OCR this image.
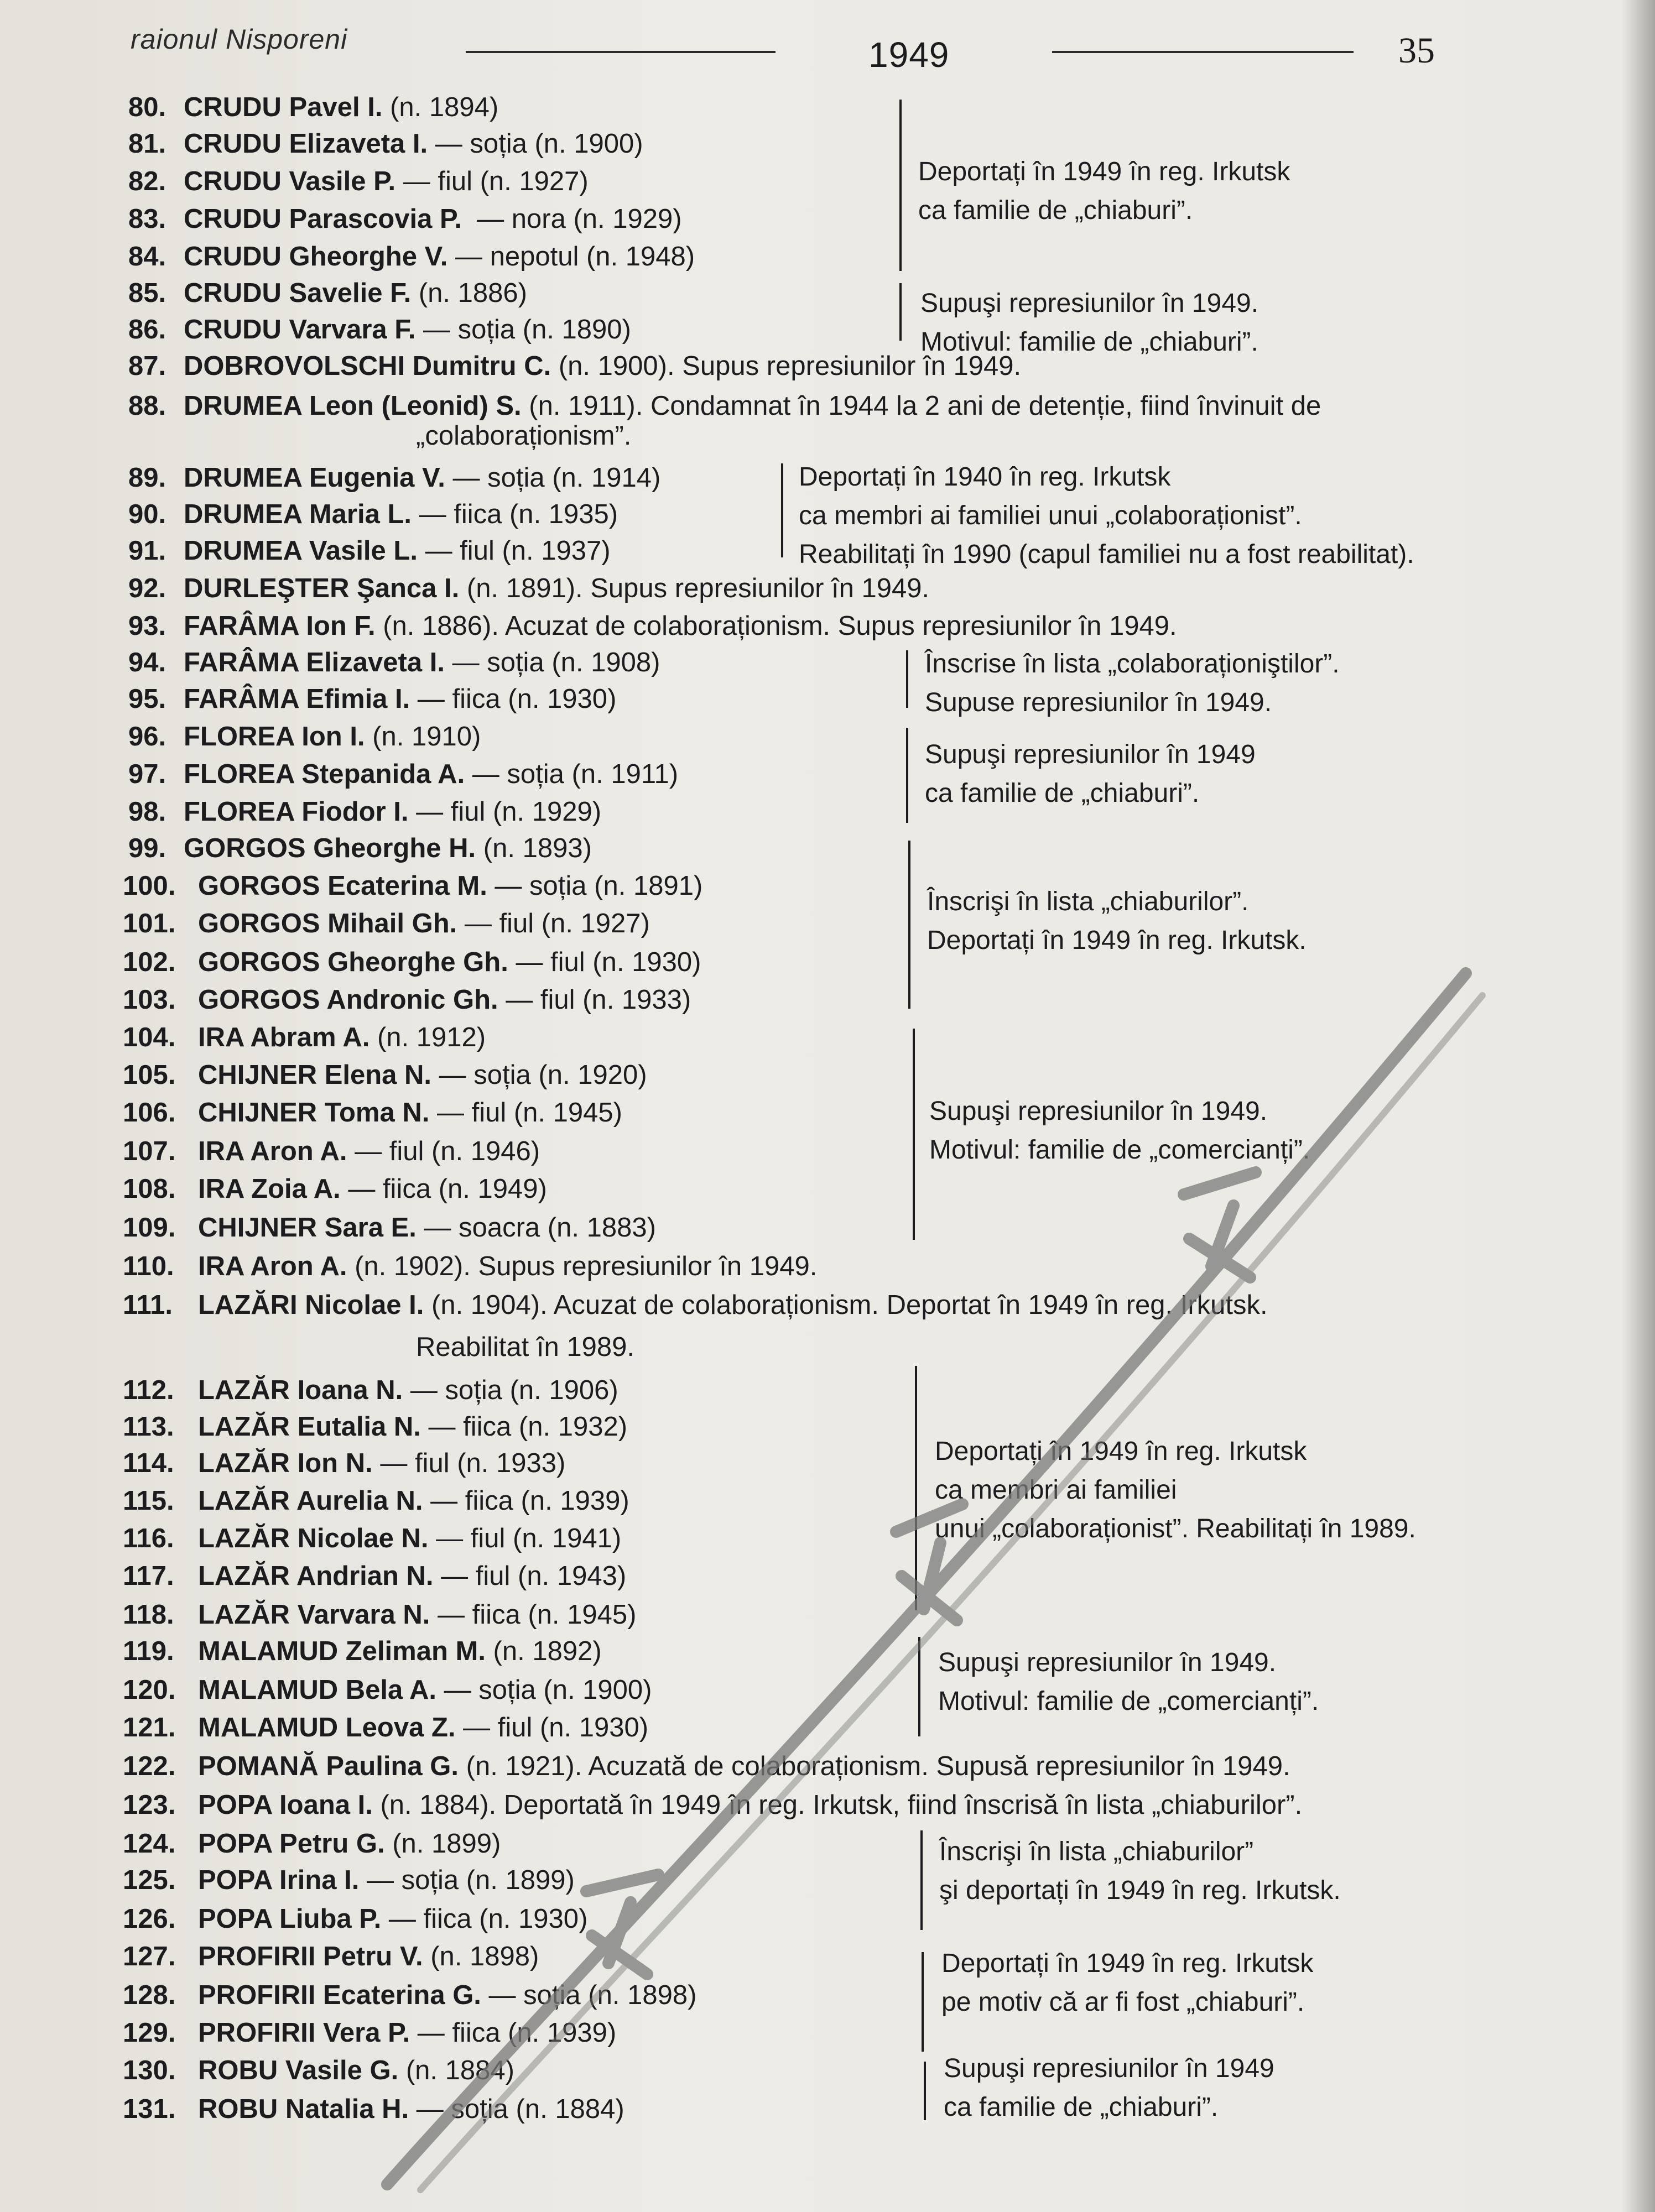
raionul Nisporeni	1949	35
80. CRUDU Pavel I. (n. 1894)
81. CRUDU Elizaveta I. — soția (n. 1900)
82. CRUDU Vasile P. — fiul (n. 1927)
83. CRUDU Parascovia P.  — nora (n. 1929)
84. CRUDU Gheorghe V. — nepotul (n. 1948)
85. CRUDU Savelie F. (n. 1886)
86. CRUDU Varvara F. — soția (n. 1890)
87. DOBROVOLSCHI Dumitru C. (n. 1900). Supus represiunilor în 1949.
88. DRUMEA Leon (Leonid) S. (n. 1911). Condamnat în 1944 la 2 ani de detenție, fiind învinuit de
89. DRUMEA Eugenia V. — soția (n. 1914)
90. DRUMEA Maria L. — fiica (n. 1935)
91. DRUMEA Vasile L. — fiul (n. 1937)
92. DURLEŞTER Şanca I. (n. 1891). Supus represiunilor în 1949.
93. FARÂMA Ion F. (n. 1886). Acuzat de colaboraționism. Supus represiunilor în 1949.
94. FARÂMA Elizaveta I. — soția (n. 1908)
95. FARÂMA Efimia I. — fiica (n. 1930)
96. FLOREA Ion I. (n. 1910)
97. FLOREA Stepanida A. — soția (n. 1911)
98. FLOREA Fiodor I. — fiul (n. 1929)
99. GORGOS Gheorghe H. (n. 1893)
100. GORGOS Ecaterina M. — soția (n. 1891)
101. GORGOS Mihail Gh. — fiul (n. 1927)
102. GORGOS Gheorghe Gh. — fiul (n. 1930)
103. GORGOS Andronic Gh. — fiul (n. 1933)
104. IRA Abram A. (n. 1912)
105. CHIJNER Elena N. — soția (n. 1920)
106. CHIJNER Toma N. — fiul (n. 1945)
107. IRA Aron A. — fiul (n. 1946)
108. IRA Zoia A. — fiica (n. 1949)
109. CHIJNER Sara E. — soacra (n. 1883)
110. IRA Aron A. (n. 1902). Supus represiunilor în 1949.
111. LAZĂRI Nicolae I. (n. 1904). Acuzat de colaboraționism. Deportat în 1949 în reg. Irkutsk.
112. LAZĂR Ioana N. — soția (n. 1906)
113. LAZĂR Eutalia N. — fiica (n. 1932)
114. LAZĂR Ion N. — fiul (n. 1933)
115. LAZĂR Aurelia N. — fiica (n. 1939)
116. LAZĂR Nicolae N. — fiul (n. 1941)
117. LAZĂR Andrian N. — fiul (n. 1943)
118. LAZĂR Varvara N. — fiica (n. 1945)
119. MALAMUD Zeliman M. (n. 1892)
120. MALAMUD Bela A. — soția (n. 1900)
121. MALAMUD Leova Z. — fiul (n. 1930)
122. POMANĂ Paulina G. (n. 1921). Acuzată de colaboraționism. Supusă represiunilor în 1949.
123. POPA Ioana I. (n. 1884). Deportată în 1949 în reg. Irkutsk, fiind înscrisă în lista „chiaburilor”.
124. POPA Petru G. (n. 1899)
125. POPA Irina I. — soția (n. 1899)
126. POPA Liuba P. — fiica (n. 1930)
127. PROFIRII Petru V. (n. 1898)
128. PROFIRII Ecaterina G. — soția (n. 1898)
129. PROFIRII Vera P. — fiica (n. 1939)
130. ROBU Vasile G. (n. 1884)
131. ROBU Natalia H. — soția (n. 1884)
„colaboraționism”.
Reabilitat în 1989.
Deportați în 1949 în reg. Irkutsk
ca familie de „chiaburi”.
Supuşi represiunilor în 1949.
Motivul: familie de „chiaburi”.
Deportați în 1940 în reg. Irkutsk
ca membri ai familiei unui „colaboraționist”.
Reabilitați în 1990 (capul familiei nu a fost reabilitat).
Înscrise în lista „colaboraționiştilor”.
Supuse represiunilor în 1949.
Supuşi represiunilor în 1949
ca familie de „chiaburi”.
Înscrişi în lista „chiaburilor”.
Deportați în 1949 în reg. Irkutsk.
Supuşi represiunilor în 1949.
Motivul: familie de „comercianți”.
Deportați în 1949 în reg. Irkutsk
ca membri ai familiei
unui „colaboraționist”. Reabilitați în 1989.
Supuşi represiunilor în 1949.
Motivul: familie de „comercianți”.
Înscrişi în lista „chiaburilor”
şi deportați în 1949 în reg. Irkutsk.
Deportați în 1949 în reg. Irkutsk
pe motiv că ar fi fost „chiaburi”.
Supuşi represiunilor în 1949
ca familie de „chiaburi”.
